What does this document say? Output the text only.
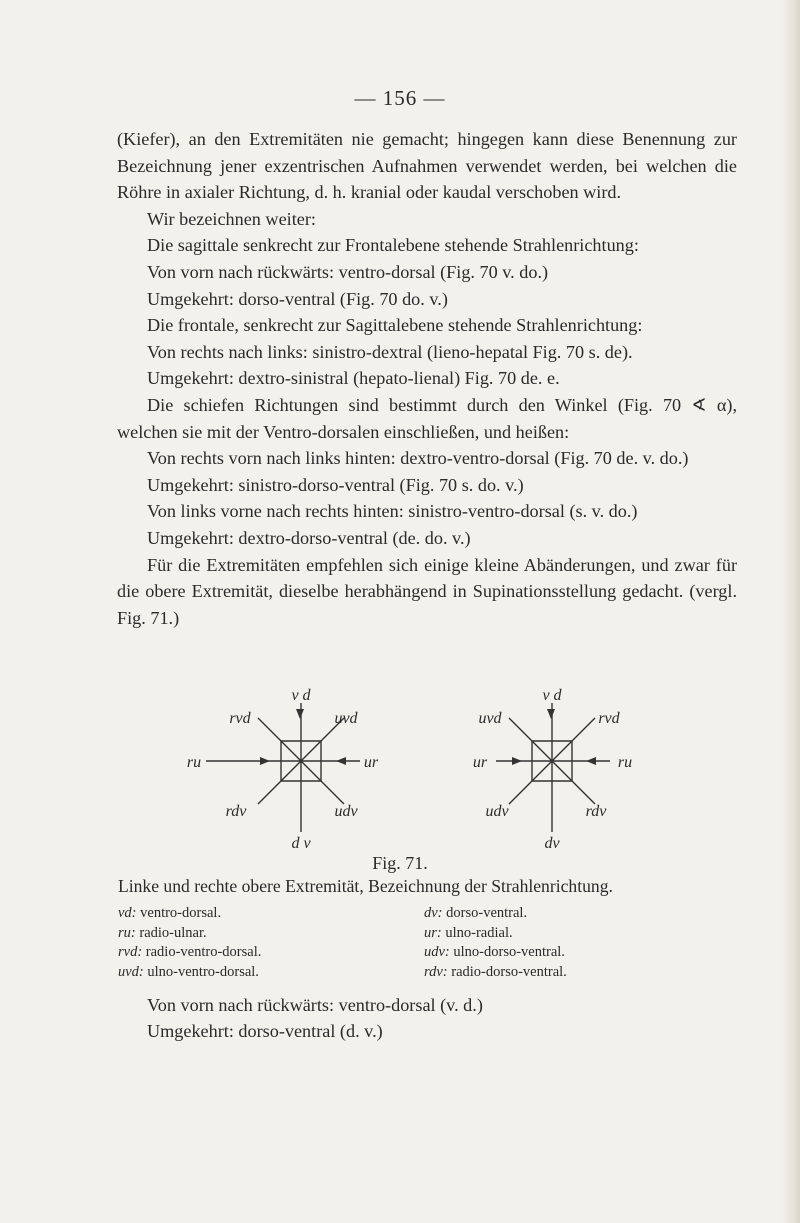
— 156 —

(Kiefer), an den Extremitäten nie gemacht; hingegen kann diese Benennung zur Bezeichnung jener exzentrischen Aufnahmen verwendet werden, bei welchen die Röhre in axialer Richtung, d. h. kranial oder kaudal verschoben wird.

Wir bezeichnen weiter:

Die sagittale senkrecht zur Frontalebene stehende Strahlenrichtung:

Von vorn nach rückwärts: ventro-dorsal (Fig. 70 v. do.)

Umgekehrt: dorso-ventral (Fig. 70 do. v.)

Die frontale, senkrecht zur Sagittalebene stehende Strahlenrichtung:

Von rechts nach links: sinistro-dextral (lieno-hepatal Fig. 70 s. de).

Umgekehrt: dextro-sinistral (hepato-lienal) Fig. 70 de. e.

Die schiefen Richtungen sind bestimmt durch den Winkel (Fig. 70 ∢ α), welchen sie mit der Ventro-dorsalen einschließen, und heißen:

Von rechts vorn nach links hinten: dextro-ventro-dorsal (Fig. 70 de. v. do.)

Umgekehrt: sinistro-dorso-ventral (Fig. 70 s. do. v.)

Von links vorne nach rechts hinten: sinistro-ventro-dorsal (s. v. do.)

Umgekehrt: dextro-dorso-ventral (de. do. v.)

Für die Extremitäten empfehlen sich einige kleine Abänderungen, und zwar für die obere Extremität, dieselbe herabhängend in Supinationsstellung gedacht. (vergl. Fig. 71.)

v d
rvd	uvd
ru	ur
rdv	udv
d v
v d
uvd	rvd
ur	ru
udv	rdv
dv
Fig. 71.
Linke und rechte obere Extremität, Bezeichnung der Strahlenrichtung.
vd: ventro-dorsal.
ru: radio-ulnar.
rvd: radio-ventro-dorsal.
uvd: ulno-ventro-dorsal.
dv: dorso-ventral.
ur: ulno-radial.
udv: ulno-dorso-ventral.
rdv: radio-dorso-ventral.

Von vorn nach rückwärts: ventro-dorsal (v. d.)

Umgekehrt: dorso-ventral (d. v.)
